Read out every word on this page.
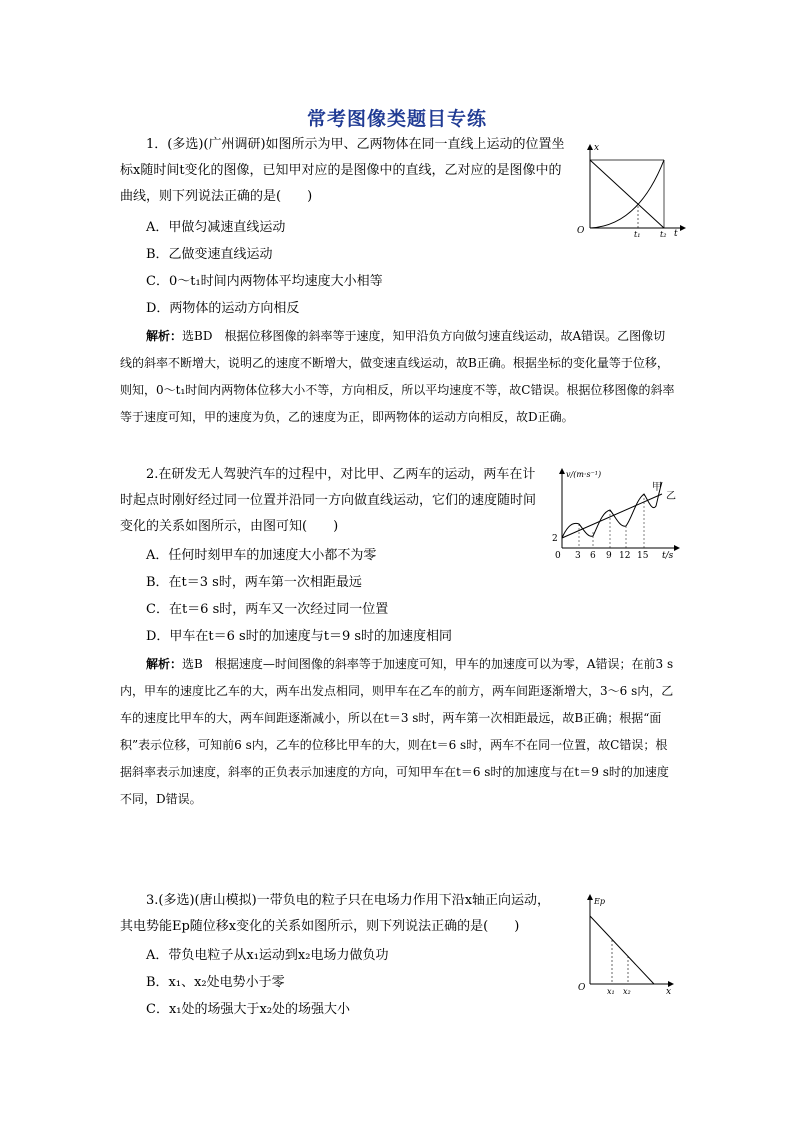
常考图像类题目专练
1．(多选)(广州调研)如图所示为甲、乙两物体在同一直线上运动的位置坐标x随时间t变化的图像，已知甲对应的是图像中的直线，乙对应的是图像中的曲线，则下列说法正确的是(　　)
A．甲做匀减速直线运动
B．乙做变速直线运动
C．0～t₁时间内两物体平均速度大小相等
D．两物体的运动方向相反
解析：选BD　根据位移图像的斜率等于速度，知甲沿负方向做匀速直线运动，故A错误。乙图像切线的斜率不断增大，说明乙的速度不断增大，做变速直线运动，故B正确。根据坐标的变化量等于位移，则知，0～t₁时间内两物体位移大小不等，方向相反，所以平均速度不等，故C错误。根据位移图像的斜率等于速度可知，甲的速度为负，乙的速度为正，即两物体的运动方向相反，故D正确。
x
t
O	t₁ t₂
2.在研发无人驾驶汽车的过程中，对比甲、乙两车的运动，两车在计时起点时刚好经过同一位置并沿同一方向做直线运动，它们的速度随时间变化的关系如图所示，由图可知(　　)
A．任何时刻甲车的加速度大小都不为零
B．在t＝3 s时，两车第一次相距最远
C．在t＝6 s时，两车又一次经过同一位置
D．甲车在t＝6 s时的加速度与t＝9 s时的加速度相同
解析：选B　根据速度—时间图像的斜率等于加速度可知，甲车的加速度可以为零，A错误；在前3 s内，甲车的速度比乙车的大，两车出发点相同，则甲车在乙车的前方，两车间距逐渐增大，3～6 s内，乙车的速度比甲车的大，两车间距逐渐减小，所以在t＝3 s时，两车第一次相距最远，故B正确；根据“面积”表示位移，可知前6 s内，乙车的位移比甲车的大，则在t＝6 s时，两车不在同一位置，故C错误；根据斜率表示加速度，斜率的正负表示加速度的方向，可知甲车在t＝6 s时的加速度与在t＝9 s时的加速度不同，D错误。
v/(m·s⁻¹)
t/s
2
0 3 6 9 12 15
甲
乙
3.(多选)(唐山模拟)一带负电的粒子只在电场力作用下沿x轴正向运动，其电势能Ep随位移x变化的关系如图所示，则下列说法正确的是(　　)
A．带负电粒子从x₁运动到x₂电场力做负功
B．x₁、x₂处电势小于零
C．x₁处的场强大于x₂处的场强大小
Ep
x
O	x₁ x₂
